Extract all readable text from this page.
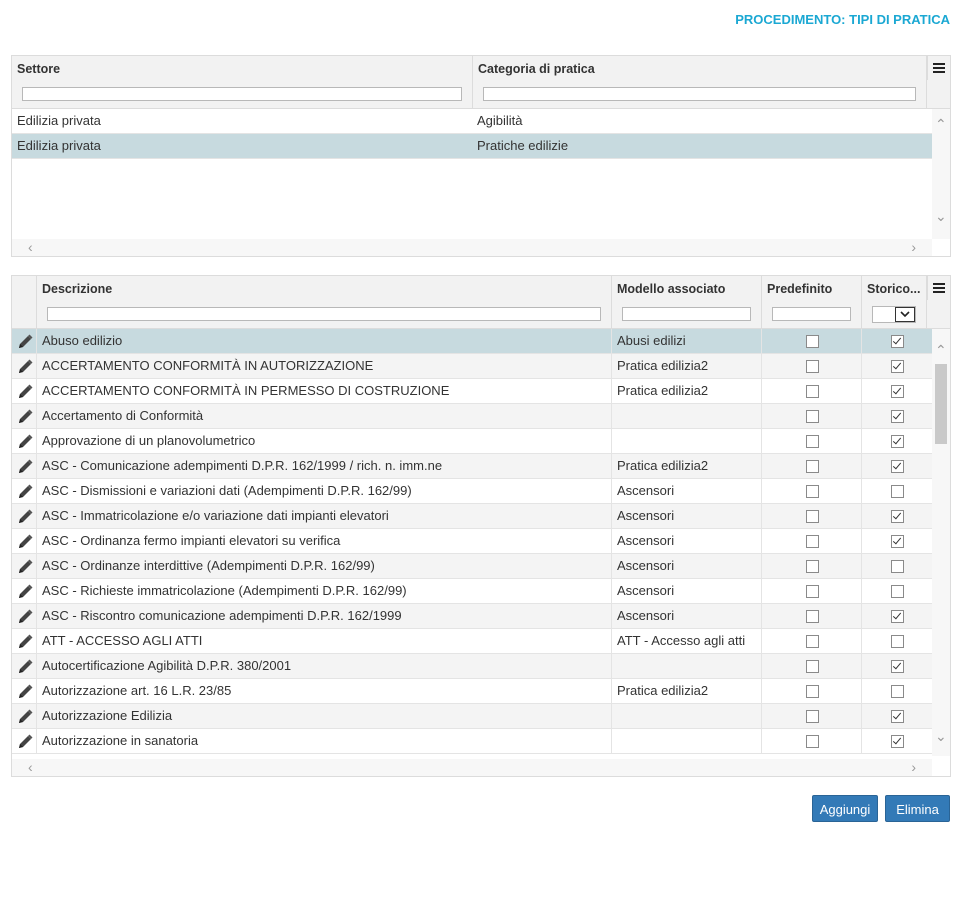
PROCEDIMENTO: TIPI DI PRATICA
Settore	Categoria di pratica
Edilizia privata	Agibilità
Edilizia privata	Pratiche edilizie
⌃
⌄
‹	›
Descrizione	Modello associato	Predefinito	Storico...
Abuso edilizio	Abusi edilizi
ACCERTAMENTO CONFORMITÀ IN AUTORIZZAZIONE	Pratica edilizia2
ACCERTAMENTO CONFORMITÀ IN PERMESSO DI COSTRUZIONE	Pratica edilizia2
Accertamento di Conformità
Approvazione di un planovolumetrico
ASC - Comunicazione adempimenti D.P.R. 162/1999 / rich. n. imm.ne	Pratica edilizia2
ASC - Dismissioni e variazioni dati (Adempimenti D.P.R. 162/99)	Ascensori
ASC - Immatricolazione e/o variazione dati impianti elevatori	Ascensori
ASC - Ordinanza fermo impianti elevatori su verifica	Ascensori
ASC - Ordinanze interdittive (Adempimenti D.P.R. 162/99)	Ascensori
ASC - Richieste immatricolazione (Adempimenti D.P.R. 162/99)	Ascensori
ASC - Riscontro comunicazione adempimenti D.P.R. 162/1999	Ascensori
ATT - ACCESSO AGLI ATTI	ATT - Accesso agli atti
Autocertificazione Agibilità D.P.R. 380/2001
Autorizzazione art. 16 L.R. 23/85	Pratica edilizia2
Autorizzazione Edilizia
Autorizzazione in sanatoria
⌃
⌄
‹	›
Aggiungi	Elimina
